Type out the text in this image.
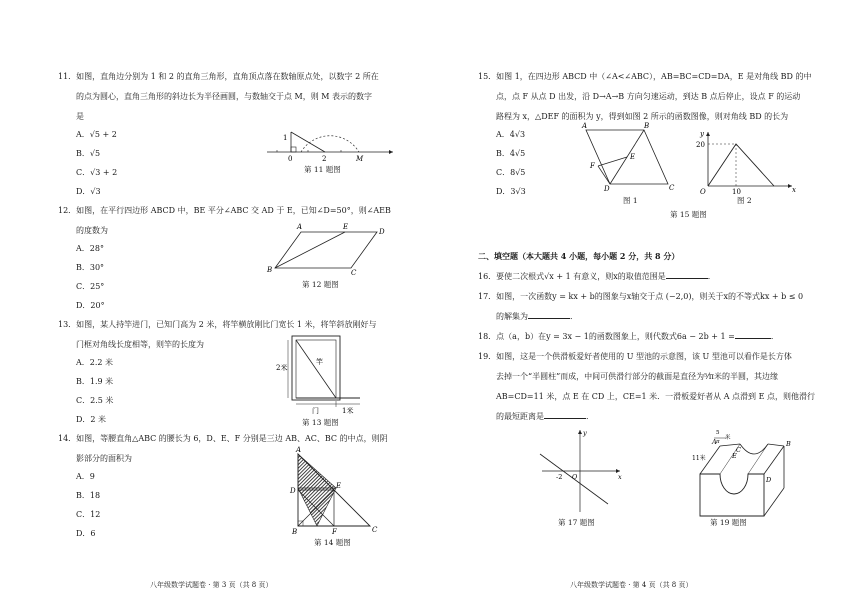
11．如图，直角边分别为 1 和 2 的直角三角形，直角顶点落在数轴原点处，以数字 2 所在
的点为圆心，直角三角形的斜边长为半径画圆，与数轴交于点 M，则 M 表示的数字
是
A．√5 + 2
B．√5
C．√3 + 2
D．√3
1
0	2	M
第 11 题图
12．如图，在平行四边形 ABCD 中，BE 平分∠ABC 交 AD 于 E，已知∠D=50°，则∠AEB
的度数为
A．28°
B．30°
C．25°
D．20°
A	E
D
B	C
第 12 题图
13．如图，某人持竿进门，已知门高为 2 米，将竿横放刚比门宽长 1 米，将竿斜放刚好与
门框对角线长度相等，则竿的长度为
A．2.2 米
B．1.9 米
C．2.5 米
D．2 米
2米
竿
门	1米
第 13 题图
14．如图，等腰直角△ABC 的腰长为 6，D、E、F 分别是三边 AB、AC、BC 的中点，则阴
影部分的面积为
A．9
B．18
C．12
D．6
A
D
E
B	F	C
第 14 题图
八年级数学试题卷 · 第 3 页（共 8 页）
15．如图 1，在四边形 ABCD 中（∠A<∠ABC），AB=BC=CD=DA，E 是对角线 BD 的中
点，点 F 从点 D 出发，沿 D→A→B 方向匀速运动，到达 B 点后停止，设点 F 的运动
路程为 x，△DEF 的面积为 y，得到如图 2 所示的函数图像，则对角线 BD 的长为
A．4√3
B．4√5
C．8√5
D．3√3
A	B
E
F
D	C
图 1
y
20
O	10	x
图 2
第 15 题图
二、填空题（本大题共 4 小题，每小题 2 分，共 8 分）
16．要使二次根式√x + 1 有意义，则x的取值范围是	．
17．如图，一次函数y = kx + b的图象与x轴交于点 (−2,0)，则关于x的不等式kx + b ≤ 0
的解集为	．
18．点（a，b）在y = 3x − 1的函数图象上，则代数式6a − 2b + 1 =	．
19．如图，这是一个供滑板爱好者使用的 U 型池的示意图，该 U 型池可以看作是长方体
去掉一个“半圆柱”而成，中间可供滑行部分的截面是直径为⁵⁄π米的半圆，其边缘
AB=CD=11 米，点 E 在 CD 上，CE=1 米．一滑板爱好者从 A 点滑到 E 点，则他滑行
的最短距离是	．
y
x
-2 O
第 17 题图
5
π
米
A	B
C
D
E
11米
第 19 题图
八年级数学试题卷 · 第 4 页（共 8 页）
